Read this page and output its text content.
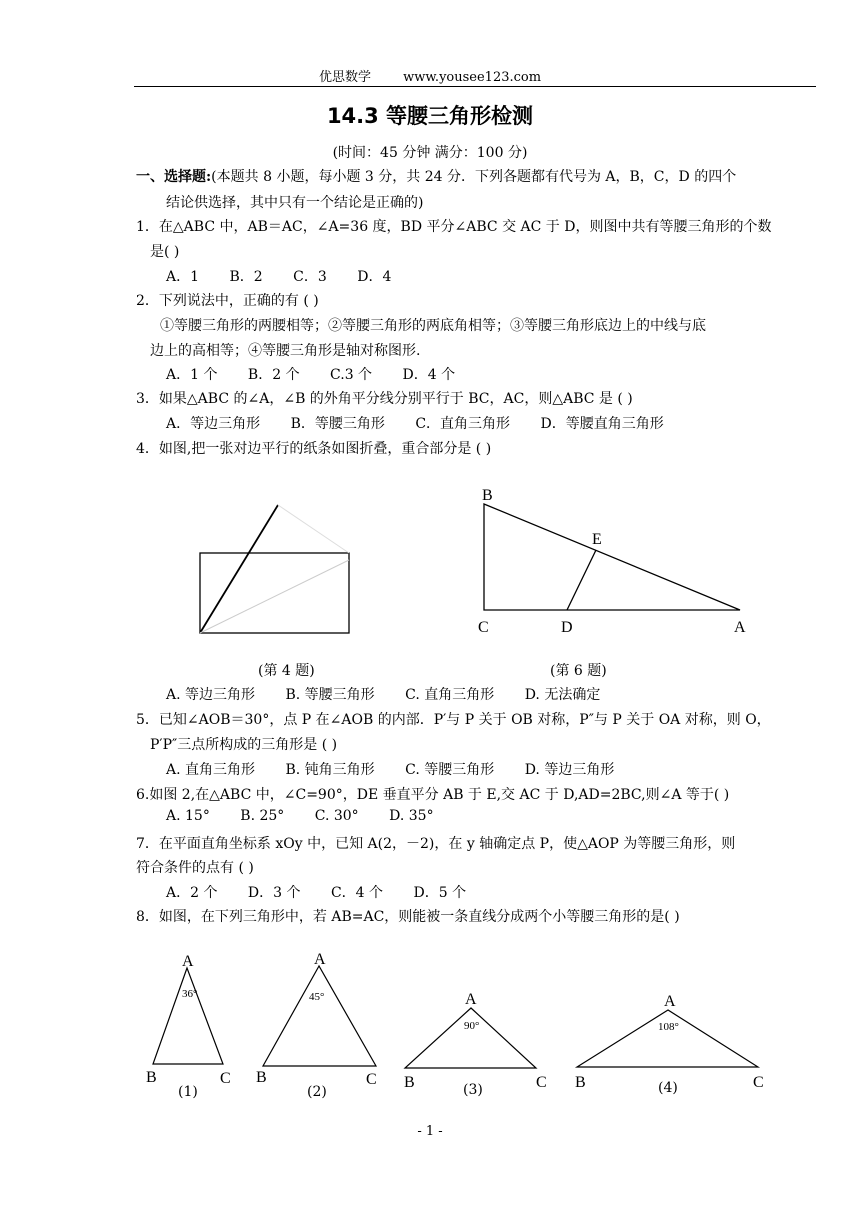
优思数学 www.yousee123.com
14.3 等腰三角形检测
(时间：45 分钟 满分：100 分)
一、选择题:(本题共 8 小题，每小题 3 分，共 24 分．下列各题都有代号为 A，B，C，D 的四个
结论供选择，其中只有一个结论是正确的)
1．在△ABC 中，AB＝AC，∠A=36 度，BD 平分∠ABC 交 AC 于 D，则图中共有等腰三角形的个数
是( )
A．1 B．2 C．3 D．4
2．下列说法中，正确的有 ( )
①等腰三角形的两腰相等；②等腰三角形的两底角相等；③等腰三角形底边上的中线与底
边上的高相等；④等腰三角形是轴对称图形.
A．1 个 B．2 个 C.3 个 D．4 个
3．如果△ABC 的∠A，∠B 的外角平分线分别平行于 BC，AC，则△ABC 是 ( )
A．等边三角形 B．等腰三角形 C．直角三角形 D．等腰直角三角形
4．如图,把一张对边平行的纸条如图折叠，重合部分是 ( )
(第 4 题)
B
E
C	D	A
(第 6 题)
A. 等边三角形 B. 等腰三角形 C. 直角三角形 D. 无法确定
5．已知∠AOB＝30°，点 P 在∠AOB 的内部．P′与 P 关于 OB 对称，P″与 P 关于 OA 对称，则 O，
P′P″三点所构成的三角形是 ( )
A. 直角三角形 B. 钝角三角形 C. 等腰三角形 D. 等边三角形
6.如图 2,在△ABC 中，∠C=90°，DE 垂直平分 AB 于 E,交 AC 于 D,AD=2BC,则∠A 等于( )
A. 15° B. 25° C. 30° D. 35°
7．在平面直角坐标系 xOy 中，已知 A(2，－2)，在 y 轴确定点 P，使△AOP 为等腰三角形，则
符合条件的点有 ( )
A．2 个 D．3 个 C．4 个 D．5 个
8．如图，在下列三角形中，若 AB=AC，则能被一条直线分成两个小等腰三角形的是( )
A
36°
B	C
(1)
A
45°
B	C
(2)
A
90°
B	C
(3)
A
108°
B	C
(4)
- 1 -
